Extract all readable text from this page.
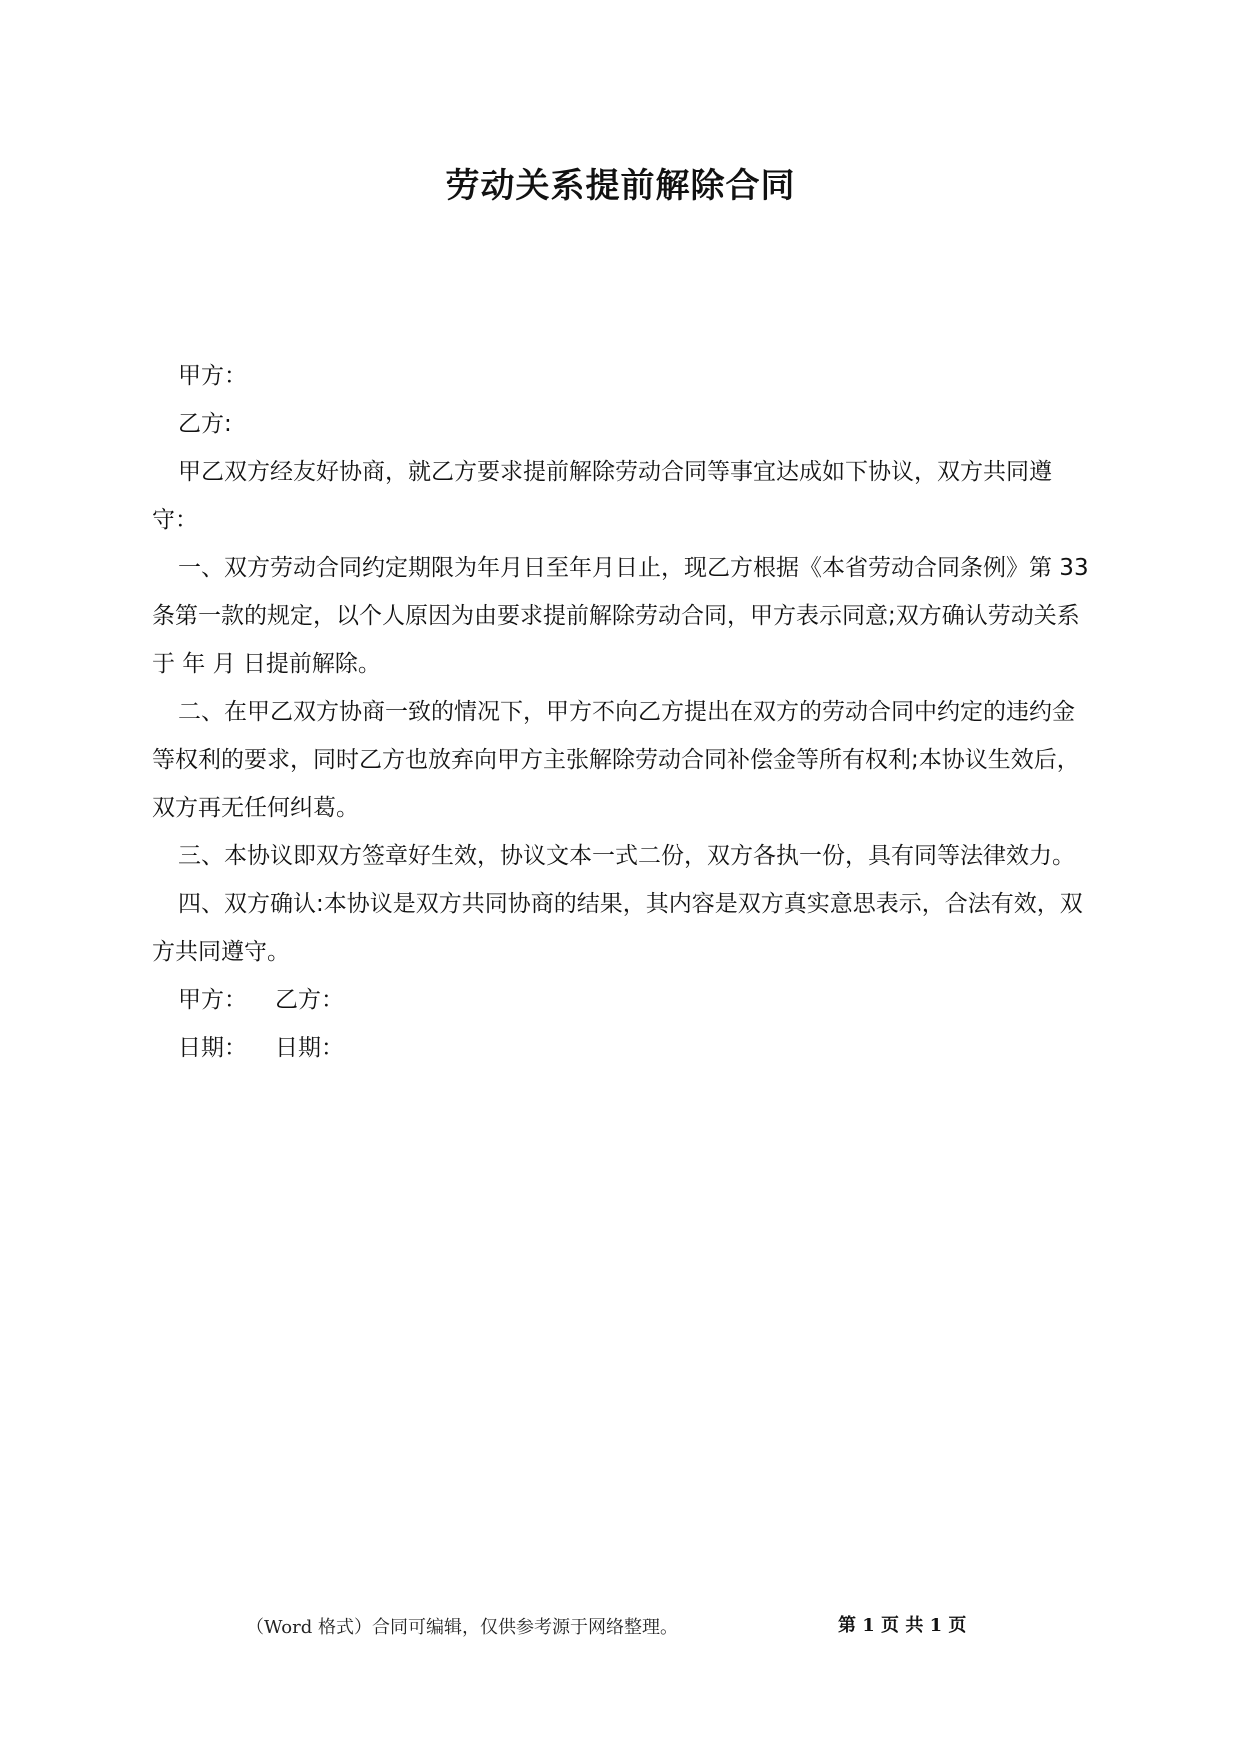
劳动关系提前解除合同

甲方：

乙方:

甲乙双方经友好协商，就乙方要求提前解除劳动合同等事宜达成如下协议，双方共同遵守：

一、双方劳动合同约定期限为年月日至年月日止，现乙方根据《本省劳动合同条例》第 33 条第一款的规定，以个人原因为由要求提前解除劳动合同，甲方表示同意;双方确认劳动关系于 年 月 日提前解除。

二、在甲乙双方协商一致的情况下，甲方不向乙方提出在双方的劳动合同中约定的违约金等权利的要求，同时乙方也放弃向甲方主张解除劳动合同补偿金等所有权利;本协议生效后，双方再无任何纠葛。

三、本协议即双方签章好生效，协议文本一式二份，双方各执一份，具有同等法律效力。

四、双方确认:本协议是双方共同协商的结果，其内容是双方真实意思表示，合法有效，双方共同遵守。

甲方： 乙方：

日期： 日期：

（Word 格式）合同可编辑，仅供参考源于网络整理。	第 1 页 共 1 页
